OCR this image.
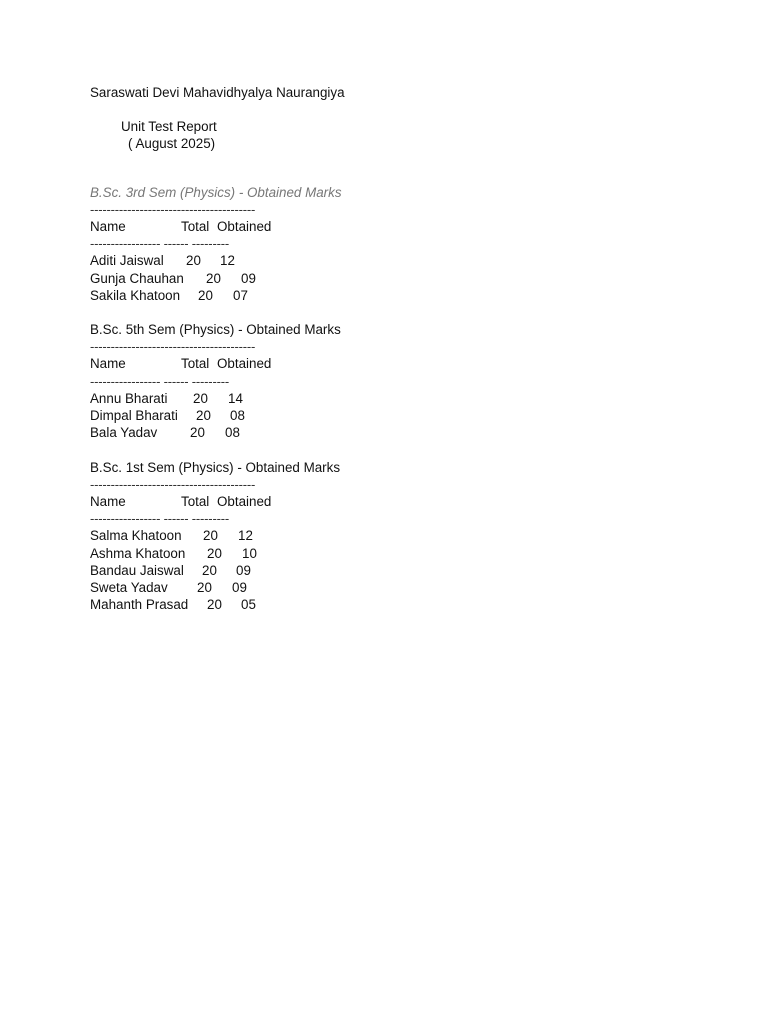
Saraswati Devi Mahavidhyalya Naurangiya
Unit Test Report
( August 2025)
B.Sc. 3rd Sem (Physics) - Obtained Marks
----------------------------------------
Name	Total Obtained
----------------- ------ ---------
Aditi Jaiswal 20 12
Gunja Chauhan 20 09
Sakila Khatoon 20 07
B.Sc. 5th Sem (Physics) - Obtained Marks
----------------------------------------
Name	Total Obtained
----------------- ------ ---------
Annu Bharati 20 14
Dimpal Bharati 20 08
Bala Yadav 20 08
B.Sc. 1st Sem (Physics) - Obtained Marks
----------------------------------------
Name	Total Obtained
----------------- ------ ---------
Salma Khatoon 20 12
Ashma Khatoon 20 10
Bandau Jaiswal 20 09
Sweta Yadav 20 09
Mahanth Prasad 20 05
